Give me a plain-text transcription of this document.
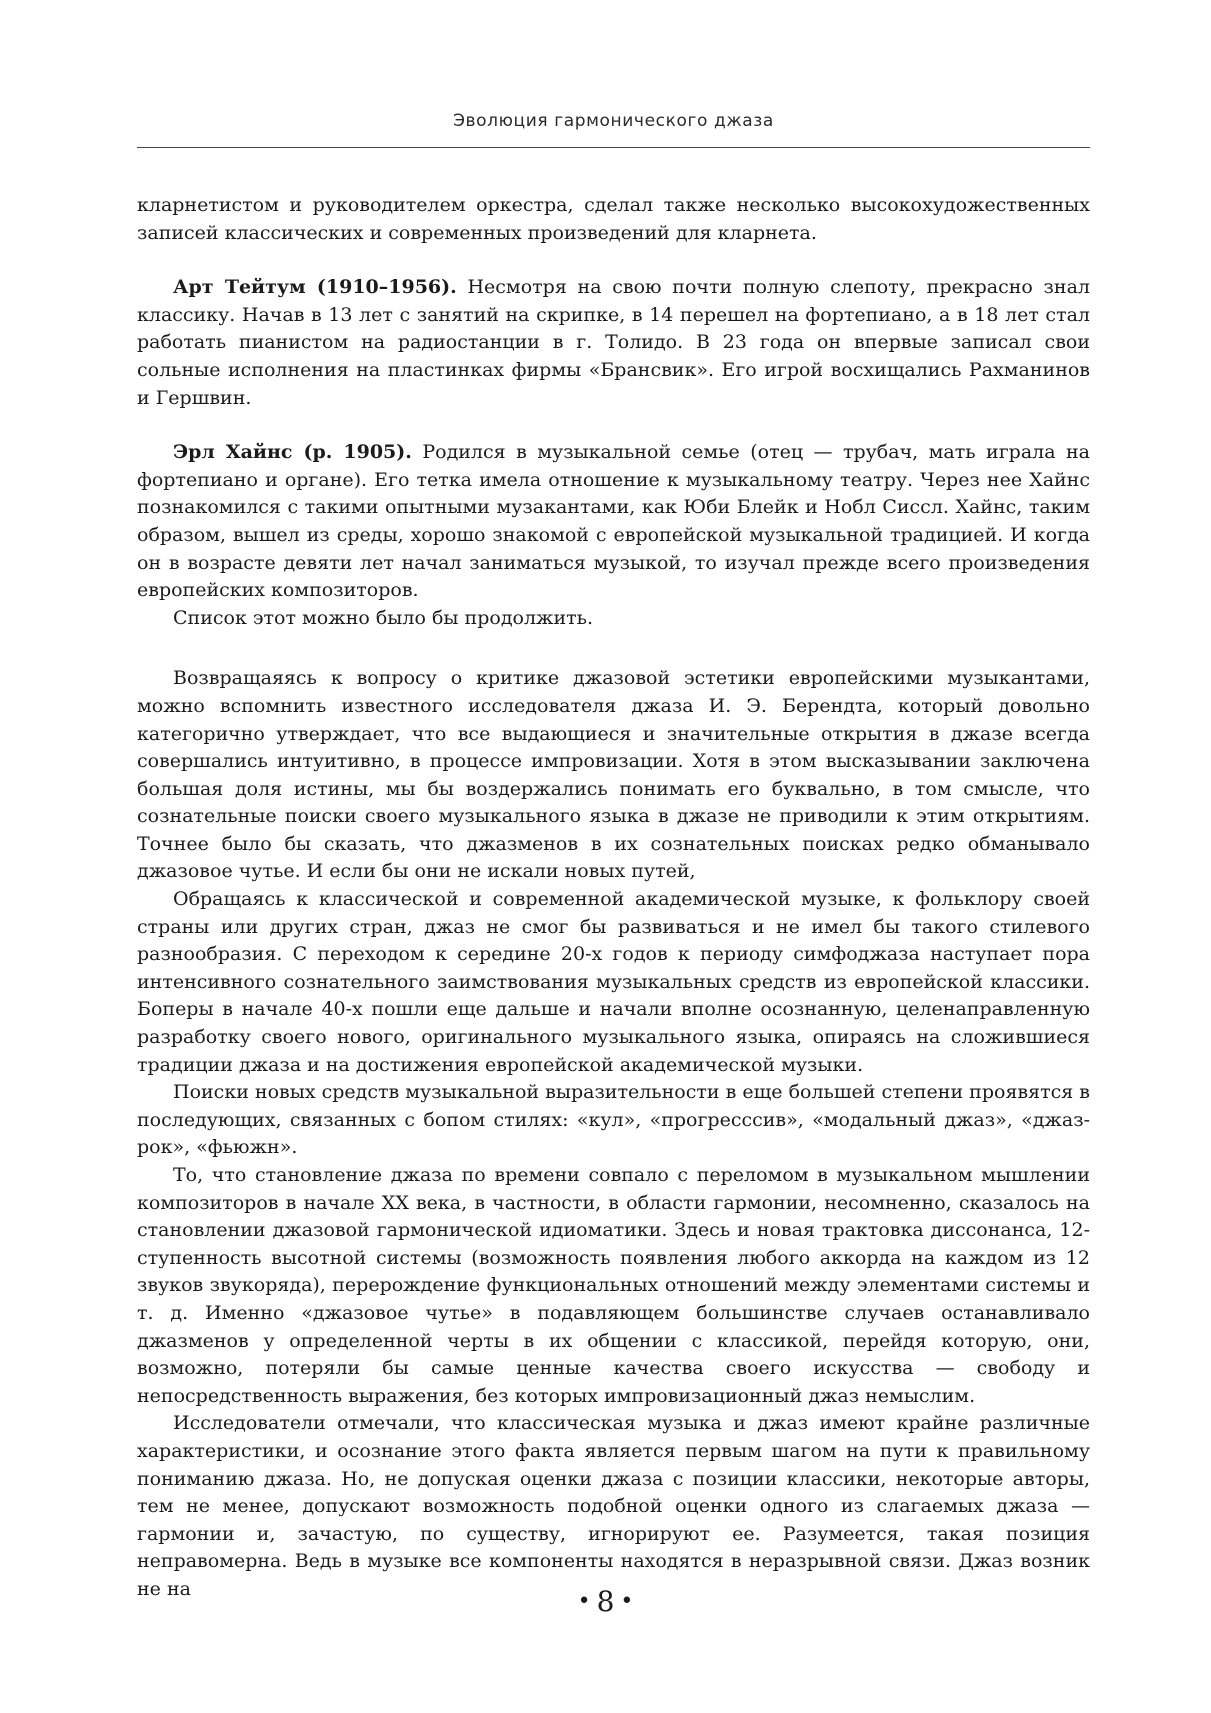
Эволюция гармонического джаза

кларнетистом и руководителем оркестра, сделал также несколько высокохудожественных записей классических и современных произведений для кларнета.

Арт Тейтум (1910–1956). Несмотря на свою почти полную слепоту, прекрасно знал классику. Начав в 13 лет с занятий на скрипке, в 14 перешел на фортепиано, а в 18 лет стал работать пианистом на радиостанции в г. Толидо. В 23 года он впервые записал свои сольные исполнения на пластинках фирмы «Брансвик». Его игрой восхищались Рахманинов и Гершвин.

Эрл Хайнс (р. 1905). Родился в музыкальной семье (отец — трубач, мать играла на фортепиано и органе). Его тетка имела отношение к музыкальному театру. Через нее Хайнс познакомился с такими опытными музакантами, как Юби Блейк и Нобл Сиссл. Хайнс, таким образом, вышел из среды, хорошо знакомой с европейской музыкальной традицией. И когда он в возрасте девяти лет начал заниматься музыкой, то изучал прежде всего произведения европейских композиторов.

Список этот можно было бы продолжить.

Возвращаяясь к вопросу о критике джазовой эстетики европейскими музыкантами, можно вспомнить известного исследователя джаза И. Э. Берендта, который довольно категорично утверждает, что все выдающиеся и значительные открытия в джазе всегда совершались интуитивно, в процессе импровизации. Хотя в этом высказывании заключена большая доля истины, мы бы воздержались понимать его буквально, в том смысле, что сознательные поиски своего музыкального языка в джазе не приводили к этим открытиям. Точнее было бы сказать, что джазменов в их сознательных поисках редко обманывало джазовое чутье. И если бы они не искали новых путей,

Обращаясь к классической и современной академической музыке, к фольклору своей страны или других стран, джаз не смог бы развиваться и не имел бы такого стилевого разнообразия. С переходом к середине 20-х годов к периоду симфоджаза наступает пора интенсивного сознательного заимствования музыкальных средств из европейской классики. Боперы в начале 40-х пошли еще дальше и начали вполне осознанную, целенаправленную разработку своего нового, оригинального музыкального языка, опираясь на сложившиеся традиции джаза и на достижения европейской академической музыки.

Поиски новых средств музыкальной выразительности в еще большей степени проявятся в последующих, связанных с бопом стилях: «кул», «прогресссив», «модальный джаз», «джаз-рок», «фьюжн».

То, что становление джаза по времени совпало с переломом в музыкальном мышлении композиторов в начале XX века, в частности, в области гармонии, несомненно, сказалось на становлении джазовой гармонической идиоматики. Здесь и новая трактовка диссонанса, 12-ступенность высотной системы (возможность появления любого аккорда на каждом из 12 звуков звукоряда), перерождение функциональных отношений между элементами системы и т. д. Именно «джазовое чутье» в подавляющем большинстве случаев останавливало джазменов у определенной черты в их общении с классикой, перейдя которую, они, возможно, потеряли бы самые ценные качества своего искусства — свободу и непосредственность выражения, без которых импровизационный джаз немыслим.

Исследователи отмечали, что классическая музыка и джаз имеют крайне различные характеристики, и осознание этого факта является первым шагом на пути к правильному пониманию джаза. Но, не допуская оценки джаза с позиции классики, некоторые авторы, тем не менее, допускают возможность подобной оценки одного из слагаемых джаза — гармонии и, зачастую, по существу, игнорируют ее. Разумеется, такая позиция неправомерна. Ведь в музыке все компоненты находятся в неразрывной связи. Джаз возник не на

• 8 •
